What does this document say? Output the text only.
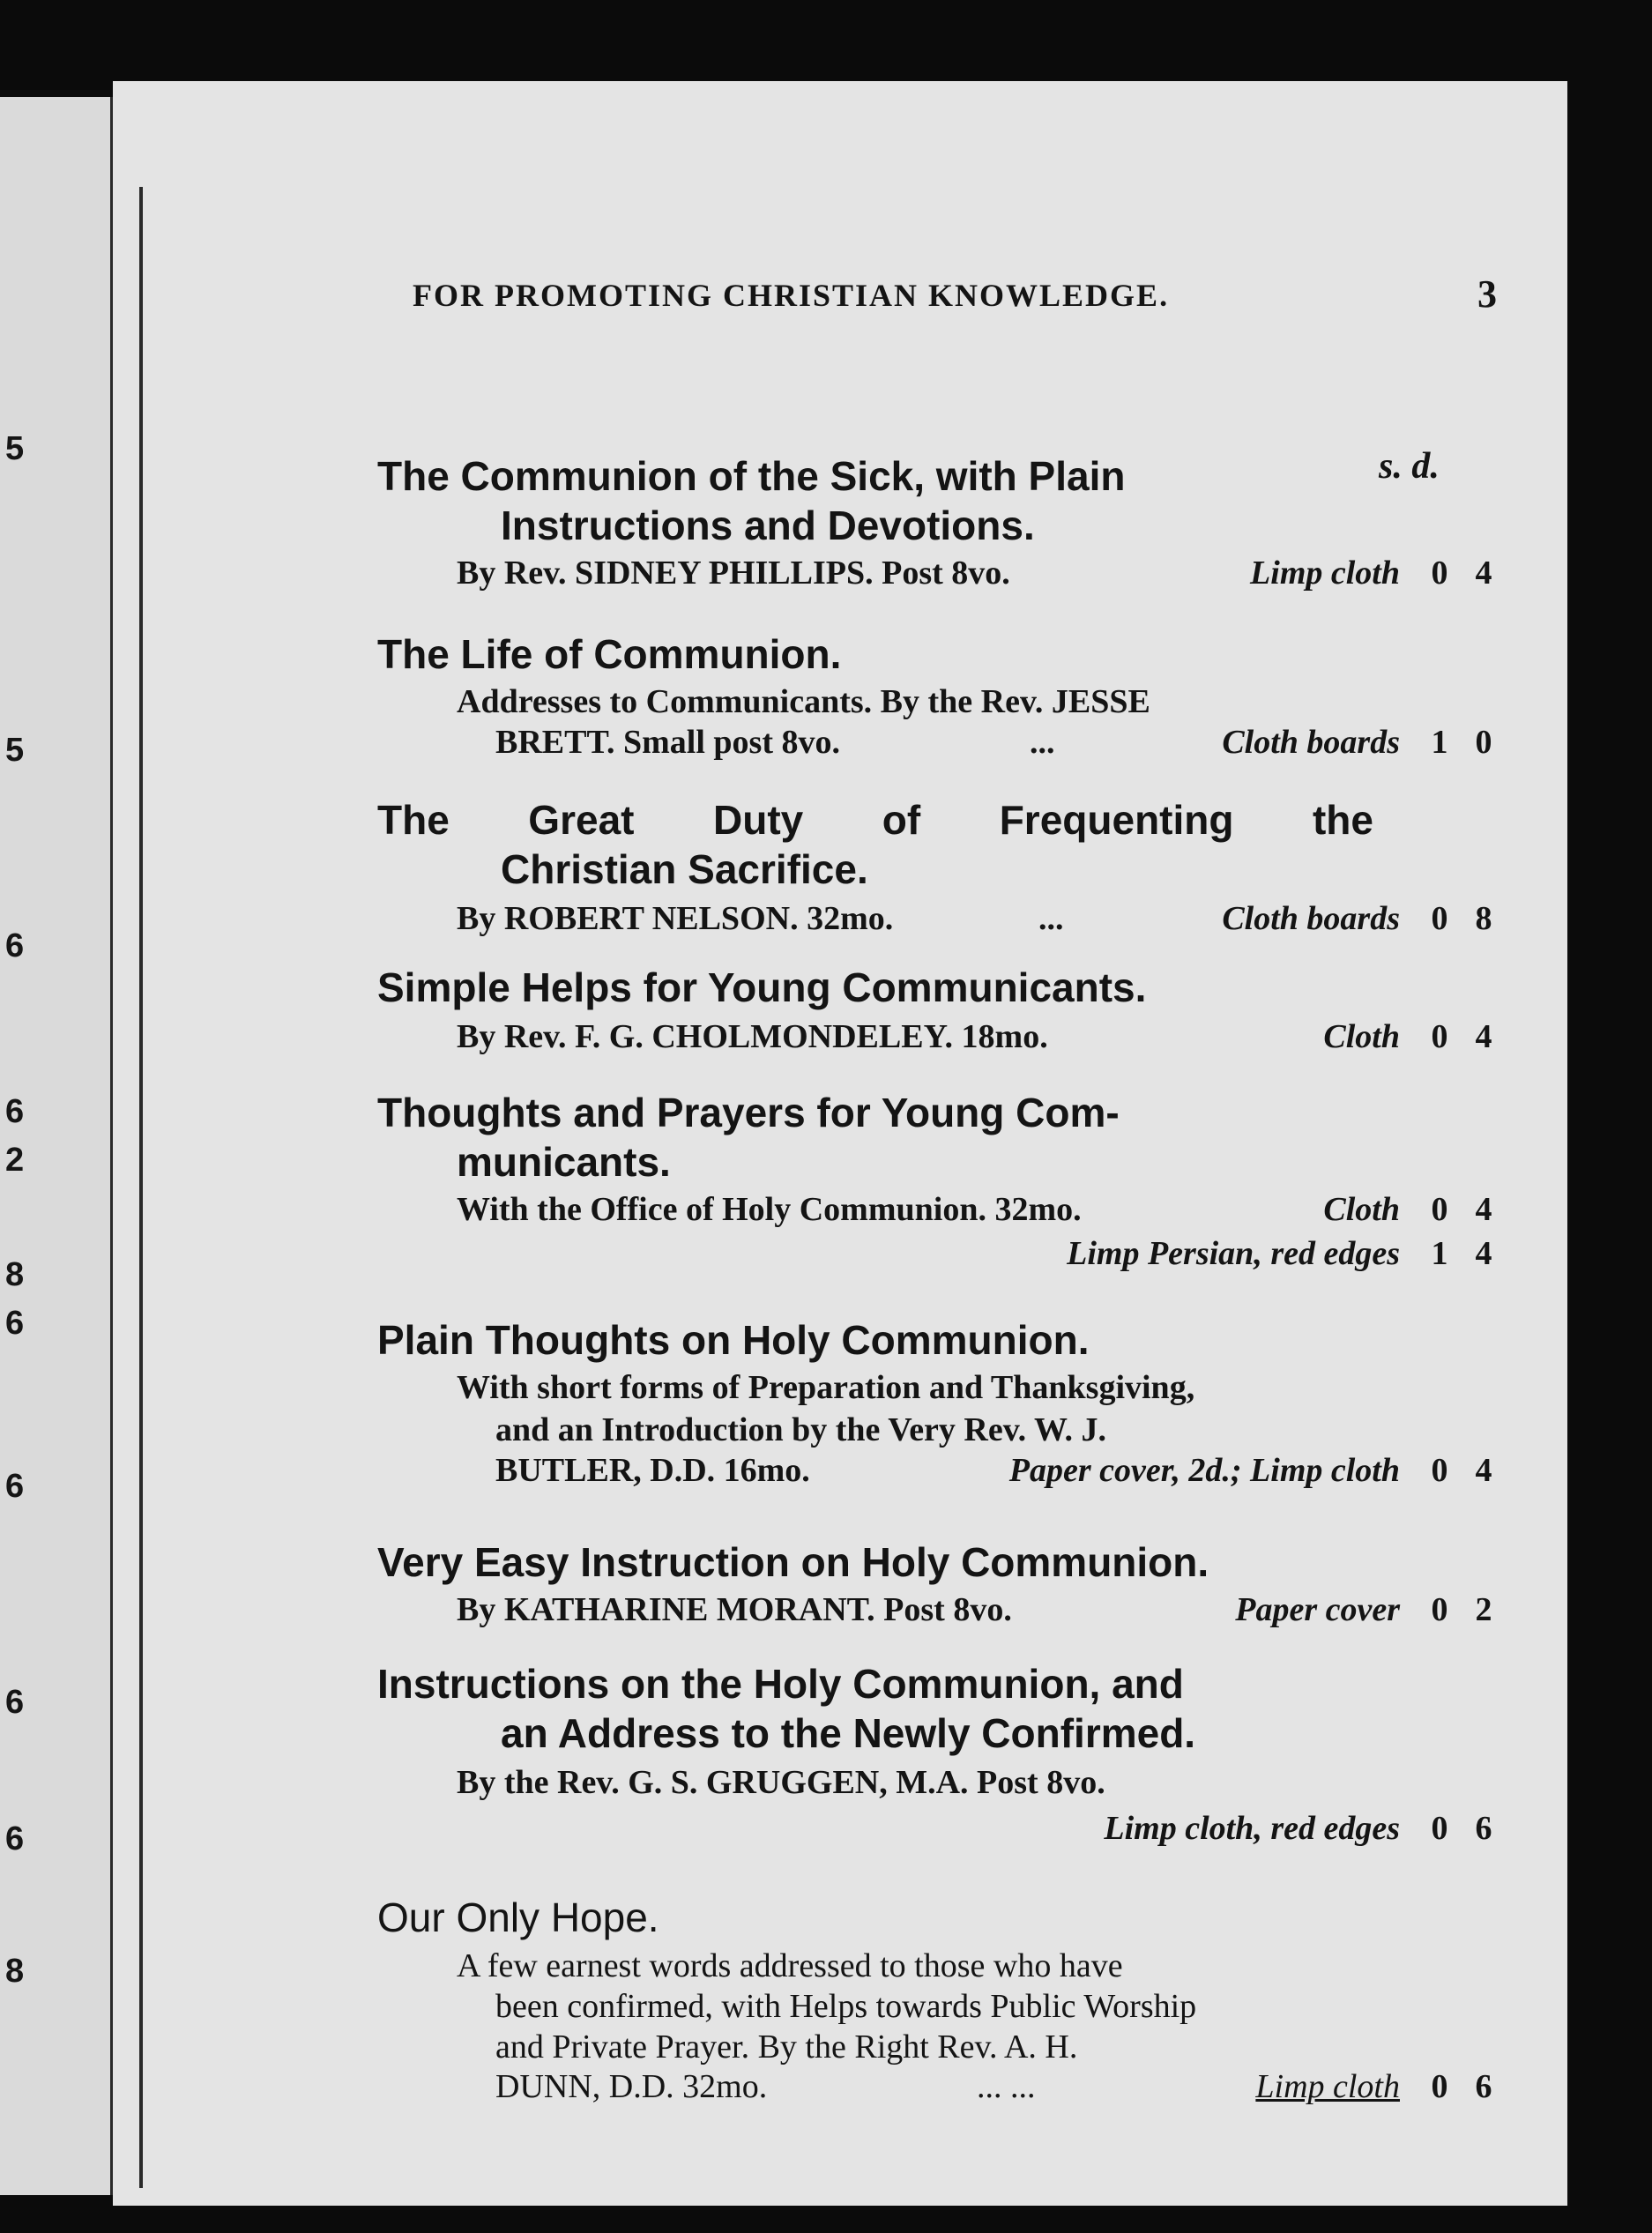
5
5
6
6
2
8
6
6
6
6
8
FOR PROMOTING CHRISTIAN KNOWLEDGE.	3
s. d.
The Communion of the Sick, with Plain
Instructions and Devotions.
By Rev. SIDNEY PHILLIPS. Post 8vo.	Limp cloth 0 4
The Life of Communion.
Addresses to Communicants. By the Rev. JESSE
BRETT. Small post 8vo.	...	Cloth boards 1 0
The Great Duty of Frequenting the
Christian Sacrifice.
By ROBERT NELSON. 32mo.	...	Cloth boards 0 8
Simple Helps for Young Communicants.
By Rev. F. G. CHOLMONDELEY. 18mo.	Cloth 0 4
Thoughts and Prayers for Young Com-
municants.
With the Office of Holy Communion. 32mo.	Cloth 0 4
Limp Persian, red edges 1 4
Plain Thoughts on Holy Communion.
With short forms of Preparation and Thanksgiving,
and an Introduction by the Very Rev. W. J.
BUTLER, D.D. 16mo.	Paper cover, 2d.; Limp cloth 0 4
Very Easy Instruction on Holy Communion.
By KATHARINE MORANT. Post 8vo.	Paper cover 0 2
Instructions on the Holy Communion, and
an Address to the Newly Confirmed.
By the Rev. G. S. GRUGGEN, M.A. Post 8vo.
Limp cloth, red edges 0 6
Our Only Hope.
A few earnest words addressed to those who have
been confirmed, with Helps towards Public Worship
and Private Prayer. By the Right Rev. A. H.
DUNN, D.D. 32mo.	... ...	Limp cloth 0 6
